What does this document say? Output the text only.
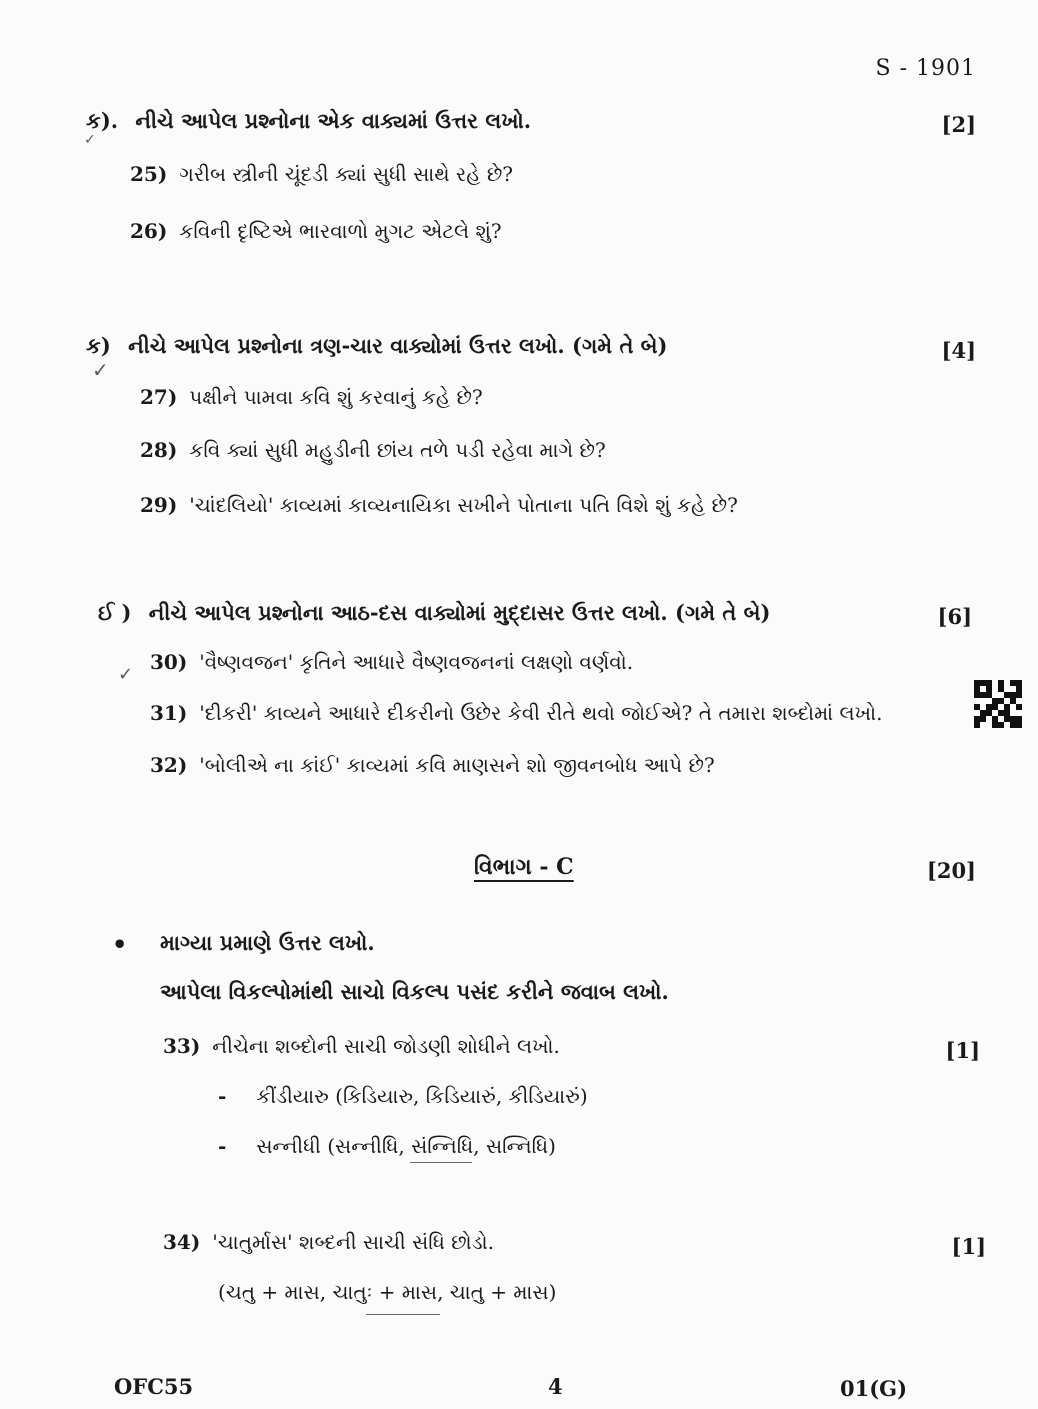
S - 1901
ક). નીચે આપેલ પ્રશ્નોના એક વાક્યમાં ઉત્તર લખો.	[2]
✓
25) ગરીબ સ્ત્રીની ચૂંદડી ક્યાં સુધી સાથે રહે છે?
26) કવિની દૃષ્ટિએ ભારવાળો મુગટ એટલે શું?
ક) નીચે આપેલ પ્રશ્નોના ત્રણ-ચાર વાક્યોમાં ઉત્તર લખો. (ગમે તે બે)	[4]
✓
27) પક્ષીને પામવા કવિ શું કરવાનું કહે છે?
28) કવિ ક્યાં સુધી મહુડીની છાંય તળે પડી રહેવા માગે છે?
29) 'ચાંદલિયો' કાવ્યમાં કાવ્યનાયિકા સખીને પોતાના પતિ વિશે શું કહે છે?
ઈ ) નીચે આપેલ પ્રશ્નોના આઠ-દસ વાક્યોમાં મુદ્દાસર ઉત્તર લખો. (ગમે તે બે)	[6]
✓
30) 'વૈષ્ણવજન' કૃતિને આધારે વૈષ્ણવજનનાં લક્ષણો વર્ણવો.
31) 'દીકરી' કાવ્યને આધારે દીકરીનો ઉછેર કેવી રીતે થવો જોઈએ? તે તમારા શબ્દોમાં લખો.
32) 'બોલીએ ના કાંઈ' કાવ્યમાં કવિ માણસને શો જીવનબોધ આપે છે?
વિભાગ - C	[20]
• માગ્યા પ્રમાણે ઉત્તર લખો.
આપેલા વિકલ્પોમાંથી સાચો વિકલ્પ પસંદ કરીને જવાબ લખો.
33) નીચેના શબ્દોની સાચી જોડણી શોધીને લખો.	[1]
- કીંડીયારુ (કિડિયારુ, કિડિયારું, કીડિયારું)
- સન્નીધી (સન્નીધિ, સંન્નિધિ, સન્નિધિ)
34) 'ચાતુર્માસ' શબ્દની સાચી સંધિ છોડો.	[1]
(ચતુ + માસ, ચાતુઃ + માસ, ચાતુ + માસ)
OFC55	4	01(G)
